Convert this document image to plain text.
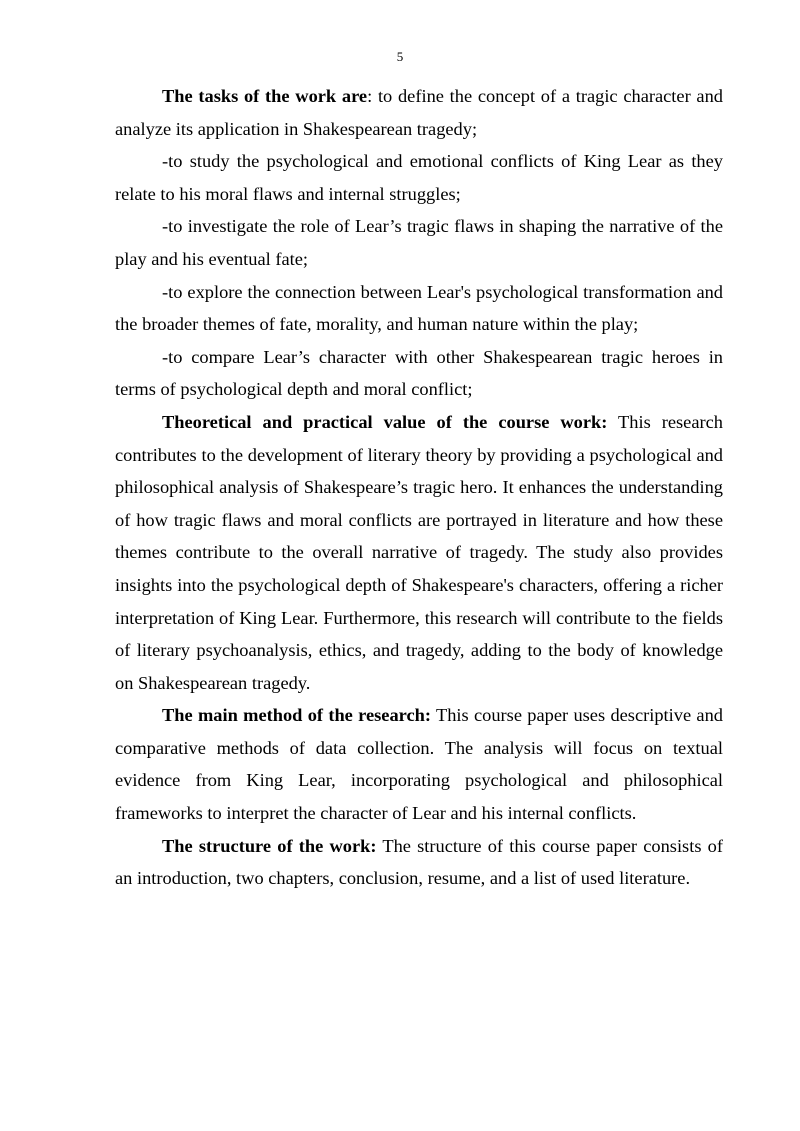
5

The tasks of the work are: to define the concept of a tragic character and analyze its application in Shakespearean tragedy;

-to study the psychological and emotional conflicts of King Lear as they relate to his moral flaws and internal struggles;

-to investigate the role of Lear’s tragic flaws in shaping the narrative of the play and his eventual fate;

-to explore the connection between Lear's psychological transformation and the broader themes of fate, morality, and human nature within the play;

-to compare Lear’s character with other Shakespearean tragic heroes in terms of psychological depth and moral conflict;

Theoretical and practical value of the course work: This research contributes to the development of literary theory by providing a psychological and philosophical analysis of Shakespeare’s tragic hero. It enhances the understanding of how tragic flaws and moral conflicts are portrayed in literature and how these themes contribute to the overall narrative of tragedy. The study also provides insights into the psychological depth of Shakespeare's characters, offering a richer interpretation of King Lear. Furthermore, this research will contribute to the fields of literary psychoanalysis, ethics, and tragedy, adding to the body of knowledge on Shakespearean tragedy.

The main method of the research: This course paper uses descriptive and comparative methods of data collection. The analysis will focus on textual evidence from King Lear, incorporating psychological and philosophical frameworks to interpret the character of Lear and his internal conflicts.

The structure of the work: The structure of this course paper consists of an introduction, two chapters, conclusion, resume, and a list of used literature.
